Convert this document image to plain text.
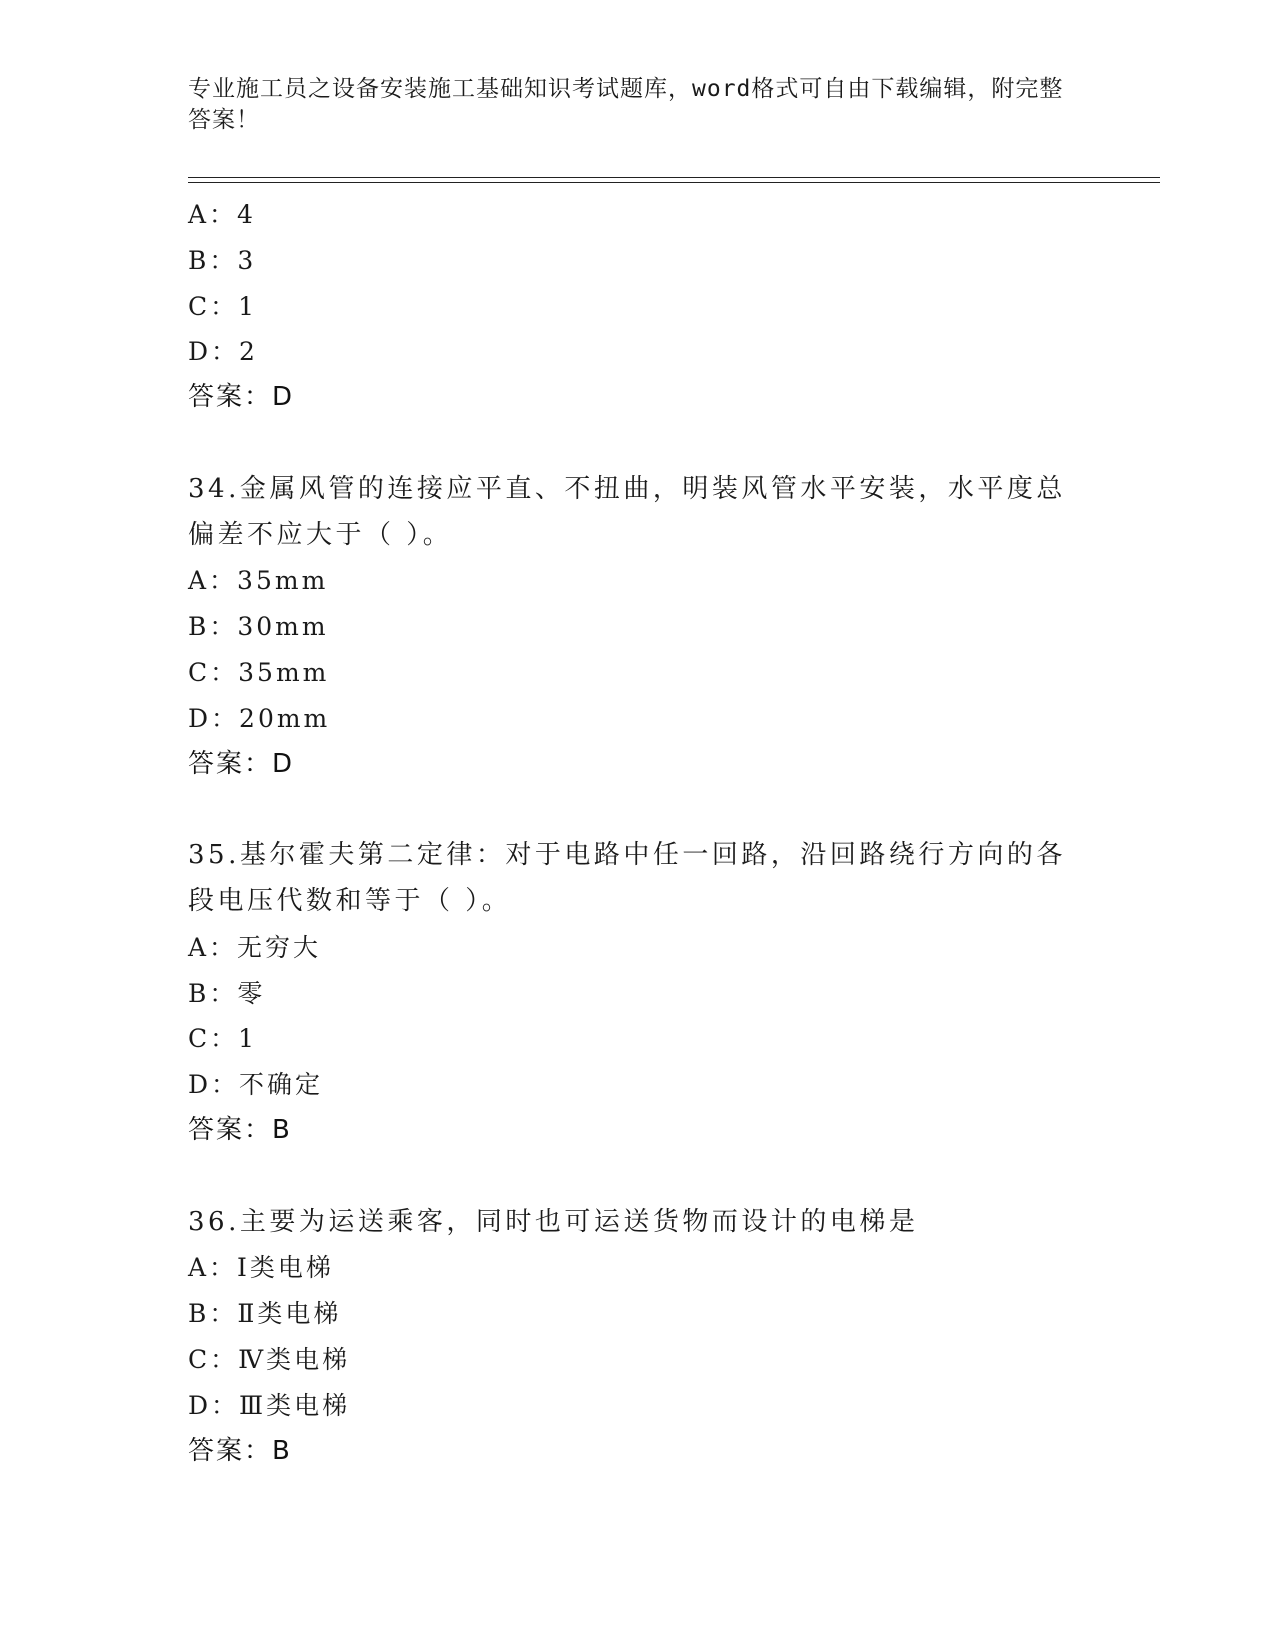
专业施工员之设备安装施工基础知识考试题库，word格式可自由下载编辑，附完整答案！
A：4
B：3
C：1
D：2
答案：D
34.金属风管的连接应平直、不扭曲，明装风管水平安装，水平度总偏差不应大于（ ）。
A：35mm
B：30mm
C：35mm
D：20mm
答案：D
35.基尔霍夫第二定律：对于电路中任一回路，沿回路绕行方向的各段电压代数和等于（ ）。
A：无穷大
B：零
C：1
D：不确定
答案：B
36.主要为运送乘客，同时也可运送货物而设计的电梯是
A：Ⅰ类电梯
B：Ⅱ类电梯
C：Ⅳ类电梯
D：Ⅲ类电梯
答案：B
